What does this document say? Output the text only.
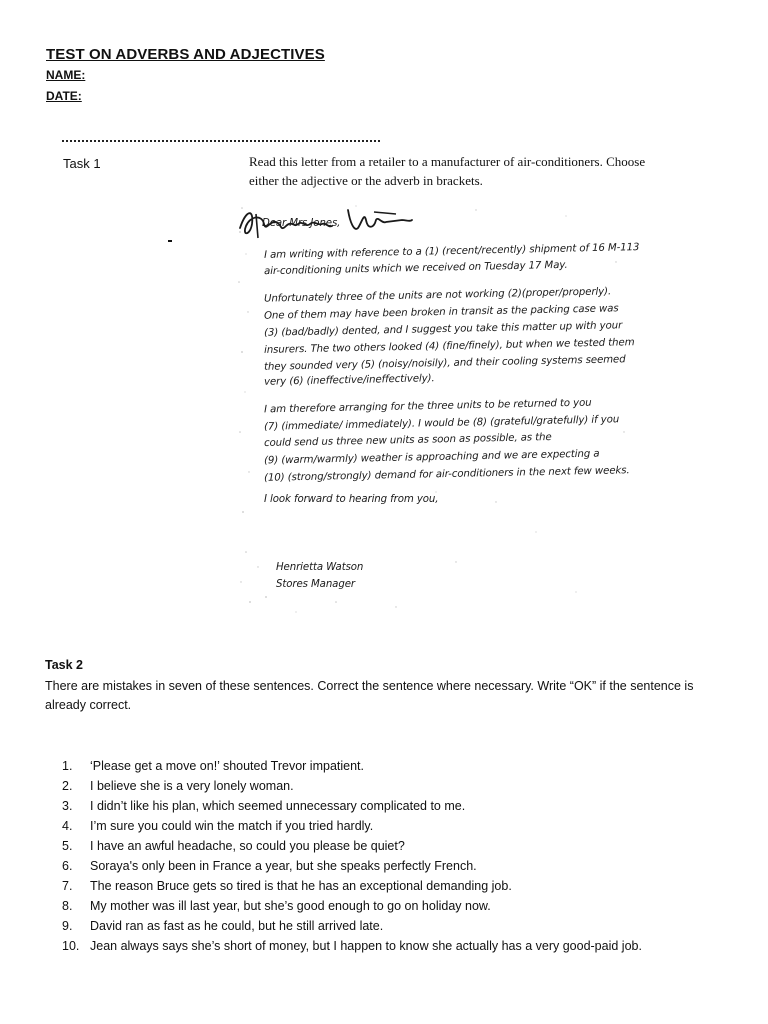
TEST ON ADVERBS AND ADJECTIVES
NAME:
DATE:
Task 1	Read this letter from a retailer to a manufacturer of air-conditioners. Choose either the adjective or the adverb in brackets.
Dear Mrs Jones,
I am writing with reference to a (1) (recent/recently) shipment of 16 M-113
air-conditioning units which we received on Tuesday 17 May.
Unfortunately three of the units are not working (2)(proper/properly).
One of them may have been broken in transit as the packing case was
(3) (bad/badly) dented, and I suggest you take this matter up with your
insurers. The two others looked (4) (fine/finely), but when we tested them
they sounded very (5) (noisy/noisily), and their cooling systems seemed
very (6) (ineffective/ineffectively).
I am therefore arranging for the three units to be returned to you
(7) (immediate/ immediately). I would be (8) (grateful/gratefully) if you
could send us three new units as soon as possible, as the
(9) (warm/warmly) weather is approaching and we are expecting a
(10) (strong/strongly) demand for air-conditioners in the next few weeks.
I look forward to hearing from you,
Henrietta Watson
Stores Manager
Task 2
There are mistakes in seven of these sentences. Correct the sentence where necessary. Write “OK” if the sentence is already correct.
1. ‘Please get a move on!’ shouted Trevor impatient.
2. I believe she is a very lonely woman.
3. I didn’t like his plan, which seemed unnecessary complicated to me.
4. I’m sure you could win the match if you tried hardly.
5. I have an awful headache, so could you please be quiet?
6. Soraya's only been in France a year, but she speaks perfectly French.
7. The reason Bruce gets so tired is that he has an exceptional demanding job.
8. My mother was ill last year, but she’s good enough to go on holiday now.
9. David ran as fast as he could, but he still arrived late.
10. Jean always says she’s short of money, but I happen to know she actually has a very good-paid job.
